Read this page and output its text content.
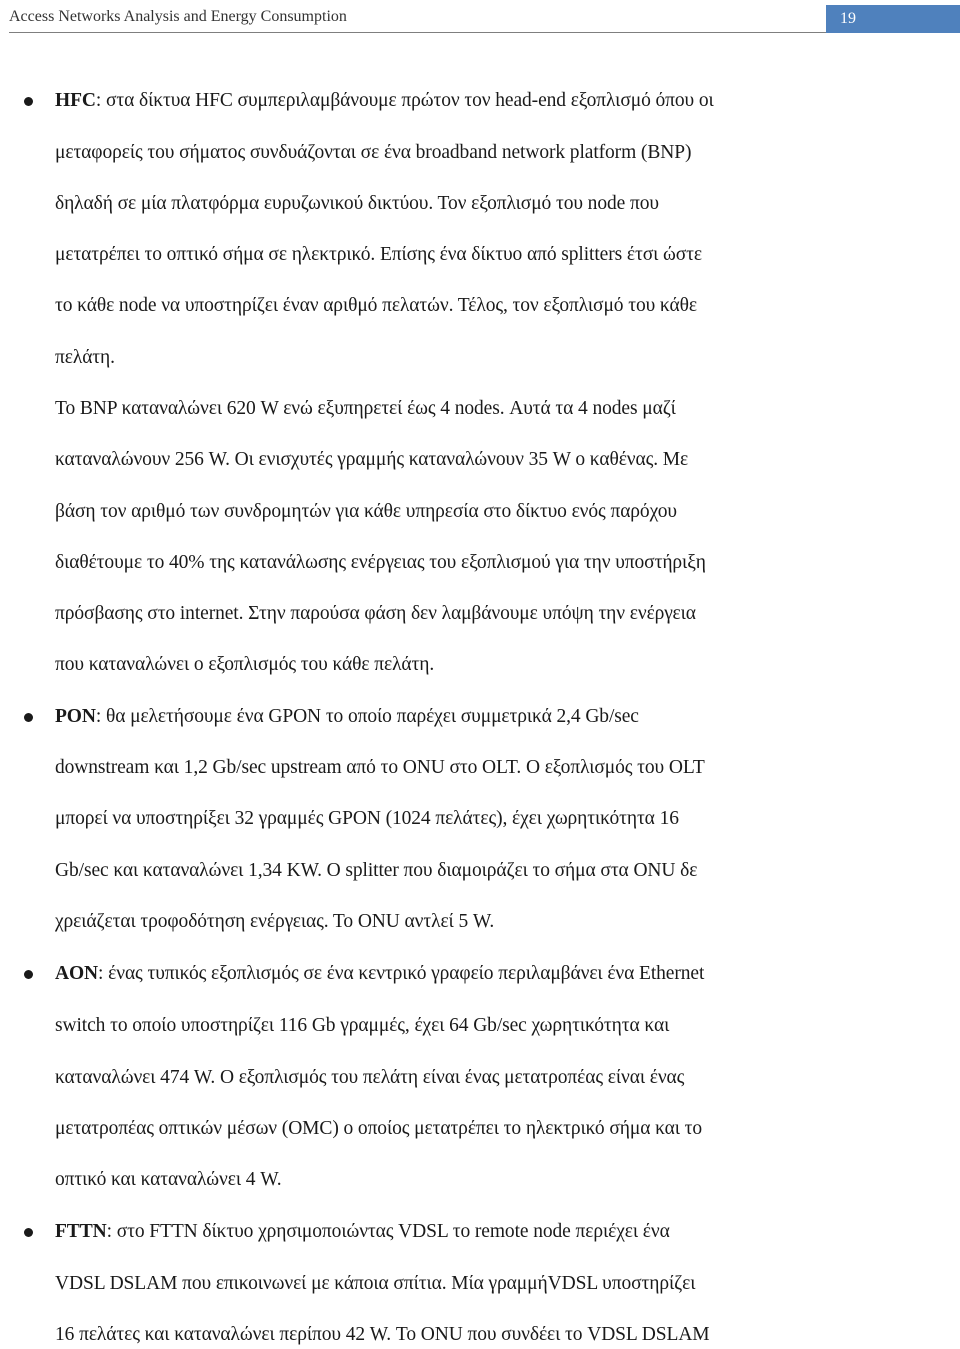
Access Networks Analysis and Energy Consumption	19
HFC: στα δίκτυα HFC συμπεριλαμβάνουμε πρώτον τον head-end εξοπλισμό όπου οι
μεταφορείς του σήματος συνδυάζονται σε ένα broadband network platform (BNP)
δηλαδή σε μία πλατφόρμα ευρυζωνικού δικτύου. Τον εξοπλισμό του node που
μετατρέπει το οπτικό σήμα σε ηλεκτρικό. Επίσης ένα δίκτυο από splitters έτσι ώστε
το κάθε node να υποστηρίζει έναν αριθμό πελατών. Τέλος, τον εξοπλισμό του κάθε
πελάτη.
Το BNP καταναλώνει 620 W ενώ εξυπηρετεί έως 4 nodes. Αυτά τα 4 nodes μαζί
καταναλώνουν 256 W. Οι ενισχυτές γραμμής καταναλώνουν 35 W ο καθένας. Με
βάση τον αριθμό των συνδρομητών για κάθε υπηρεσία στο δίκτυο ενός παρόχου
διαθέτουμε το 40% της κατανάλωσης ενέργειας του εξοπλισμού για την υποστήριξη
πρόσβασης στο internet. Στην παρούσα φάση δεν λαμβάνουμε υπόψη την ενέργεια
που καταναλώνει ο εξοπλισμός του κάθε πελάτη.
PON: θα μελετήσουμε ένα GPON το οποίο παρέχει συμμετρικά 2,4 Gb/sec
downstream και 1,2 Gb/sec upstream από το ONU στο OLT. Ο εξοπλισμός του OLT
μπορεί να υποστηρίξει 32 γραμμές GPON (1024 πελάτες), έχει χωρητικότητα 16
Gb/sec και καταναλώνει 1,34 KW. Ο splitter που διαμοιράζει το σήμα στα ONU δε
χρειάζεται τροφοδότηση ενέργειας. Το ONU αντλεί 5 W.
AON: ένας τυπικός εξοπλισμός σε ένα κεντρικό γραφείο περιλαμβάνει ένα Ethernet
switch το οποίο υποστηρίζει 116 Gb γραμμές, έχει 64 Gb/sec χωρητικότητα και
καταναλώνει 474 W. Ο εξοπλισμός του πελάτη είναι ένας μετατροπέας είναι ένας
μετατροπέας οπτικών μέσων (OMC) ο οποίος μετατρέπει το ηλεκτρικό σήμα και το
οπτικό και καταναλώνει 4 W.
FTTN: στο FTTN δίκτυο χρησιμοποιώντας VDSL το remote node περιέχει ένα
VDSL DSLAM που επικοινωνεί με κάποια σπίτια. Μία γραμμήVDSL υποστηρίζει
16 πελάτες και καταναλώνει περίπου 42 W. Το ONU που συνδέει το VDSL DSLAM
